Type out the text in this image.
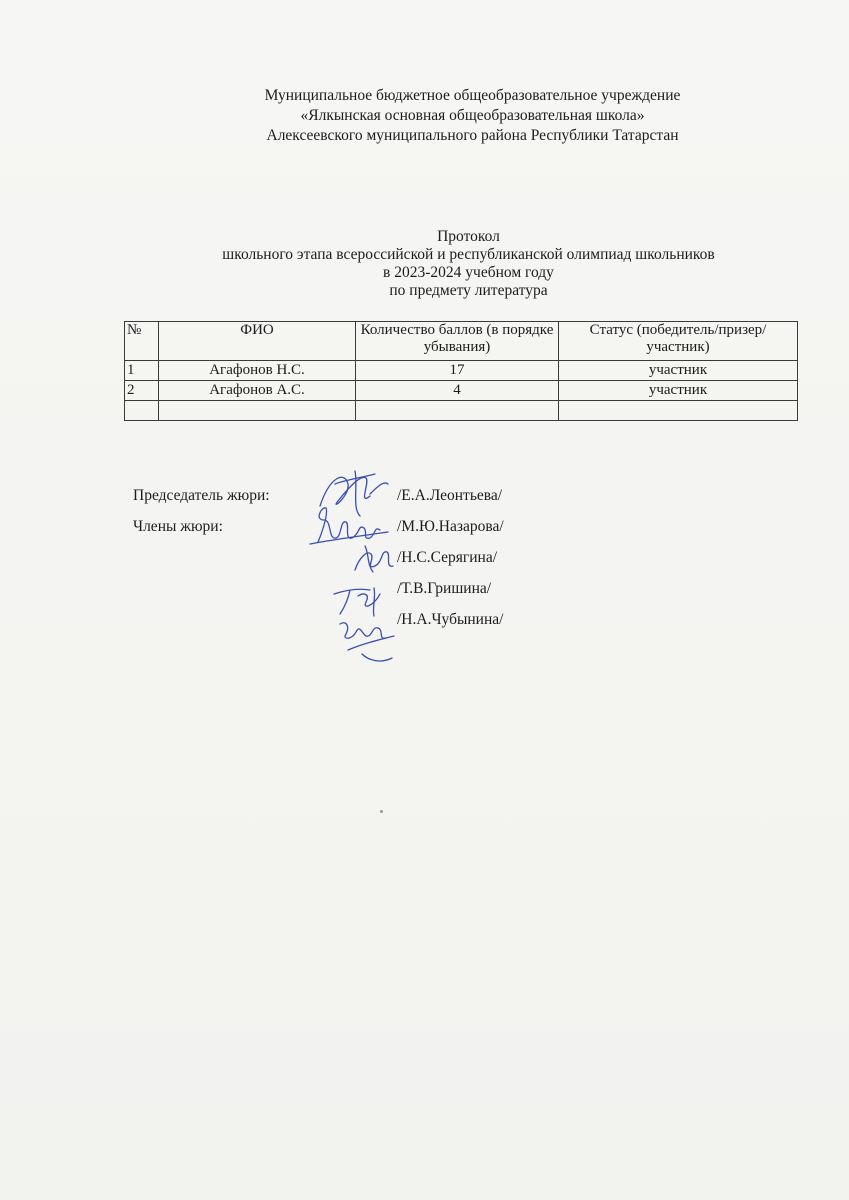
Муниципальное бюджетное общеобразовательное учреждение
«Ялкынская основная общеобразовательная школа»
Алексеевского муниципального района Республики Татарстан
Протокол
школьного этапа всероссийской и республиканской олимпиад школьников
в 2023-2024 учебном году
по предмету литература
№	ФИО	Количество баллов (в порядке убывания)	Статус (победитель/призер/участник)
1	Агафонов Н.С.	17	участник
2	Агафонов А.С.	4	участник

Председатель жюри:	/Е.А.Леонтьева/
Члены жюри:	/М.Ю.Назарова/
/Н.С.Серягина/
/Т.В.Гришина/
/Н.А.Чубынина/
